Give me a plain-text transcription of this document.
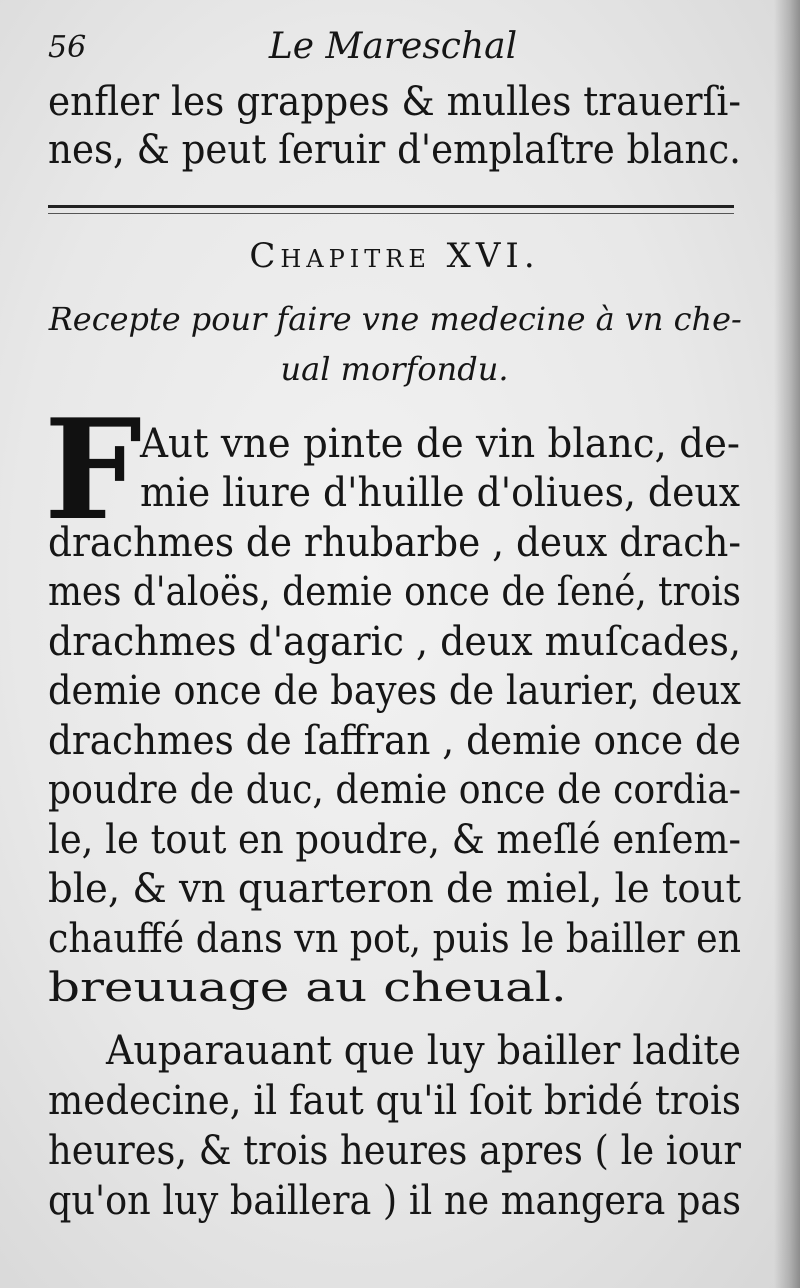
56	Le Mareschal
enfler les grappes & mulles trauerſi-
nes, & peut ſeruir d'emplaſtre blanc.
Chapitre XVI.
Recepte pour faire vne medecine à vn che-
ual morfondu.
F
Aut vne pinte de vin blanc, de-
mie liure d'huille d'oliues, deux
drachmes de rhubarbe , deux drach-
mes d'aloës, demie once de ſené, trois
drachmes d'agaric , deux muſcades,
demie once de bayes de laurier, deux
drachmes de ſaffran , demie once de
poudre de duc, demie once de cordia-
le, le tout en poudre, & meſlé enſem-
ble, & vn quarteron de miel, le tout
chauffé dans vn pot, puis le bailler en
breuuage au cheual.
Auparauant que luy bailler ladite
medecine, il faut qu'il ſoit bridé trois
heures, & trois heures apres ( le iour
qu'on luy baillera ) il ne mangera pas
